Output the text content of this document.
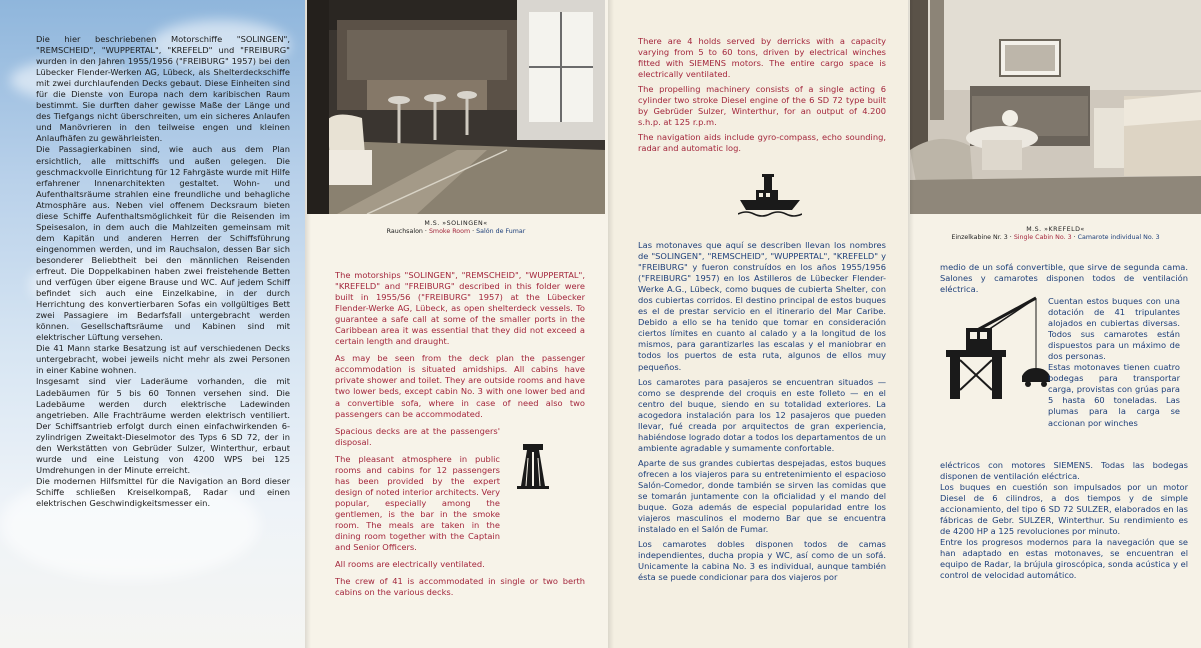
Die hier beschriebenen Motorschiffe "SOLINGEN", "REMSCHEID", "WUPPERTAL", "KREFELD" und "FREIBURG" wurden in den Jahren 1955/1956 ("FREIBURG" 1957) bei den Lübecker Flender-Werken AG, Lübeck, als Shelterdeckschiffe mit zwei durchlaufenden Decks gebaut. Diese Einheiten sind für die Dienste von Europa nach dem karibischen Raum bestimmt. Sie durften daher gewisse Maße der Länge und des Tiefgangs nicht überschreiten, um ein sicheres Anlaufen und Manövrieren in den teilweise engen und kleinen Anlaufhäfen zu gewährleisten.

Die Passagierkabinen sind, wie auch aus dem Plan ersichtlich, alle mittschiffs und außen gelegen. Die geschmackvolle Einrichtung für 12 Fahrgäste wurde mit Hilfe erfahrener Innenarchitekten gestaltet. Wohn- und Aufenthaltsräume strahlen eine freundliche und behagliche Atmosphäre aus. Neben viel offenem Decksraum bieten diese Schiffe Aufenthaltsmöglichkeit für die Reisenden im Speisesalon, in dem auch die Mahlzeiten gemeinsam mit dem Kapitän und anderen Herren der Schiffsführung eingenommen werden, und im Rauchsalon, dessen Bar sich besonderer Beliebtheit bei den männlichen Reisenden erfreut. Die Doppelkabinen haben zwei freistehende Betten und verfügen über eigene Brause und WC. Auf jedem Schiff befindet sich auch eine Einzelkabine, in der durch Herrichtung des konvertierbaren Sofas ein vollgültiges Bett zwei Passagiere im Bedarfsfall untergebracht werden können. Gesellschaftsräume und Kabinen sind mit elektrischer Lüftung versehen.

Die 41 Mann starke Besatzung ist auf verschiedenen Decks untergebracht, wobei jeweils nicht mehr als zwei Personen in einer Kabine wohnen.

Insgesamt sind vier Laderäume vorhanden, die mit Ladebäumen für 5 bis 60 Tonnen versehen sind. Die Ladebäume werden durch elektrische Ladewinden angetrieben. Alle Frachträume werden elektrisch ventiliert. Der Schiffsantrieb erfolgt durch einen einfachwirkenden 6-zylindrigen Zweitakt-Dieselmotor des Typs 6 SD 72, der in den Werkstätten von Gebrüder Sulzer, Winterthur, erbaut wurde und eine Leistung von 4200 WPS bei 125 Umdrehungen in der Minute erreicht.

Die modernen Hilfsmittel für die Navigation an Bord dieser Schiffe schließen Kreiselkompaß, Radar und einen elektrischen Geschwindigkeitsmesser ein.

M.S. »SOLINGEN«
Rauchsalon · Smoke Room · Salón de Fumar

The motorships "SOLINGEN", "REMSCHEID", "WUPPERTAL", "KREFELD" and "FREIBURG" described in this folder were built in 1955/56 ("FREIBURG" 1957) at the Lübecker Flender-Werke AG, Lübeck, as open shelterdeck vessels. To guarantee a safe call at some of the smaller ports in the Caribbean area it was essential that they did not exceed a certain length and draught.

As may be seen from the deck plan the passenger accommodation is situated amidships. All cabins have private shower and toilet. They are outside rooms and have two lower beds, except cabin No. 3 with one lower bed and a convertible sofa, where in case of need also two passengers can be accommodated.

Spacious decks are at the passengers' disposal.

The pleasant atmosphere in public rooms and cabins for 12 passengers has been provided by the expert design of noted interior architects. Very popular, especially among the gentlemen, is the bar in the smoke room. The meals are taken in the dining room together with the Captain and Senior Officers.

All rooms are electrically ventilated.

The crew of 41 is accommodated in single or two berth cabins on the various decks.

There are 4 holds served by derricks with a capacity varying from 5 to 60 tons, driven by electrical winches fitted with SIEMENS motors. The entire cargo space is electrically ventilated.

The propelling machinery consists of a single acting 6 cylinder two stroke Diesel engine of the 6 SD 72 type built by Gebrüder Sulzer, Winterthur, for an output of 4.200 s.h.p. at 125 r.p.m.

The navigation aids include gyro-compass, echo sounding, radar and automatic log.

Las motonaves que aquí se describen llevan los nombres de "SOLINGEN", "REMSCHEID", "WUPPERTAL", "KREFELD" y "FREIBURG" y fueron construídos en los años 1955/1956 ("FREIBURG" 1957) en los Astilleros de Lübecker Flender-Werke A.G., Lübeck, como buques de cubierta Shelter, con dos cubiertas corridos. El destino principal de estos buques es el de prestar servicio en el itinerario del Mar Caribe. Debido a ello se ha tenido que tomar en consideración ciertos límites en cuanto al calado y a la longitud de los mismos, para garantizarles las escalas y el maniobrar en todos los puertos de esta ruta, algunos de ellos muy pequeños.

Los camarotes para pasajeros se encuentran situados — como se desprende del croquis en este folleto — en el centro del buque, siendo en su totalidad exteriores. La acogedora instalación para los 12 pasajeros que pueden llevar, fué creada por arquitectos de gran experiencia, habiéndose logrado dotar a todos los departamentos de un ambiente agradable y sumamente confortable.

Aparte de sus grandes cubiertas despejadas, estos buques ofrecen a los viajeros para su entretenimiento el espacioso Salón-Comedor, donde también se sirven las comidas que se tomarán juntamente con la oficialidad y el mando del buque. Goza además de especial popularidad entre los viajeros masculinos el moderno Bar que se encuentra instalado en el Salón de Fumar.

Los camarotes dobles disponen todos de camas independientes, ducha propia y WC, así como de un sofá. Unicamente la cabina No. 3 es individual, aunque también ésta se puede condicionar para dos viajeros por

M.S. »KREFELD«
Einzelkabine Nr. 3 · Single Cabin No. 3 · Camarote individual No. 3
medio de un sofá convertible, que sirve de segunda cama. Salones y camarotes disponen todos de ventilación eléctrica.

Cuentan estos buques con una dotación de 41 tripulantes alojados en cubiertas diversas. Todos sus camarotes están dispuestos para un máximo de dos personas.

Estas motonaves tienen cuatro bodegas para transportar carga, provistas con grúas para 5 hasta 60 toneladas. Las plumas para la carga se accionan por winches

eléctricos con motores SIEMENS. Todas las bodegas disponen de ventilación eléctrica.

Los buques en cuestión son impulsados por un motor Diesel de 6 cilindros, a dos tiempos y de simple accionamiento, del tipo 6 SD 72 SULZER, elaborados en las fábricas de Gebr. SULZER, Winterthur. Su rendimiento es de 4200 HP a 125 revoluciones por minuto.

Entre los progresos modernos para la navegación que se han adaptado en estas motonaves, se encuentran el equipo de Radar, la brújula giroscópica, sonda acústica y el control de velocidad automático.
